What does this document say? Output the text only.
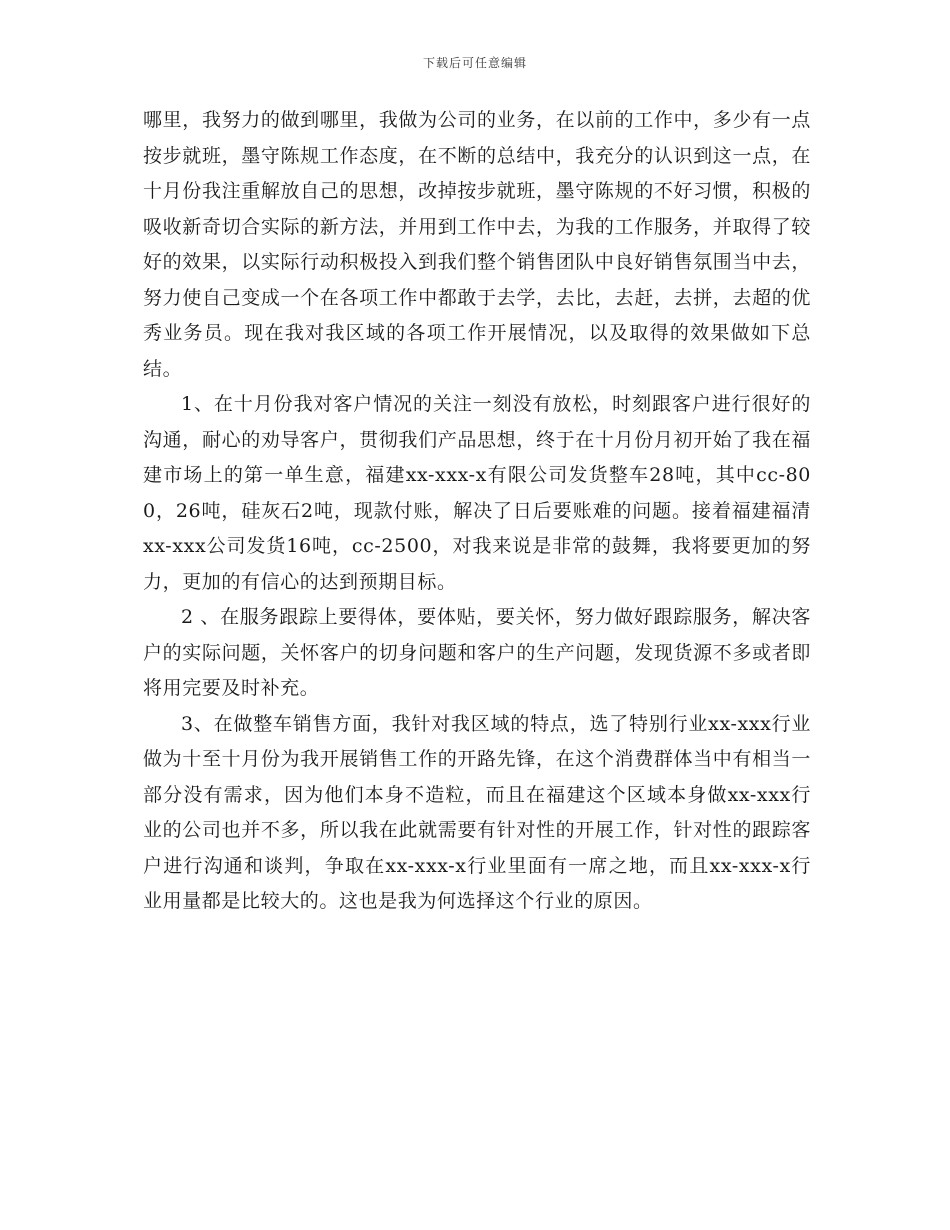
下载后可任意编辑

哪里，我努力的做到哪里，我做为公司的业务，在以前的工作中，多少有一点按步就班，墨守陈规工作态度，在不断的总结中，我充分的认识到这一点，在十月份我注重解放自己的思想，改掉按步就班，墨守陈规的不好习惯，积极的吸收新奇切合实际的新方法，并用到工作中去，为我的工作服务，并取得了较好的效果，以实际行动积极投入到我们整个销售团队中良好销售氛围当中去，努力使自己变成一个在各项工作中都敢于去学，去比，去赶，去拼，去超的优秀业务员。现在我对我区域的各项工作开展情况，以及取得的效果做如下总结。

1、在十月份我对客户情况的关注一刻没有放松，时刻跟客户进行很好的沟通，耐心的劝导客户，贯彻我们产品思想，终于在十月份月初开始了我在福建市场上的第一单生意，福建xx-xxx-x有限公司发货整车28吨，其中cc-800，26吨，硅灰石2吨，现款付账，解决了日后要账难的问题。接着福建福清xx-xxx公司发货16吨，cc-2500，对我来说是非常的鼓舞，我将要更加的努力，更加的有信心的达到预期目标。

2 、在服务跟踪上要得体，要体贴，要关怀，努力做好跟踪服务，解决客户的实际问题，关怀客户的切身问题和客户的生产问题，发现货源不多或者即将用完要及时补充。

3、在做整车销售方面，我针对我区域的特点，选了特别行业xx-xxx行业做为十至十月份为我开展销售工作的开路先锋，在这个消费群体当中有相当一部分没有需求，因为他们本身不造粒，而且在福建这个区域本身做xx-xxx行业的公司也并不多，所以我在此就需要有针对性的开展工作，针对性的跟踪客户进行沟通和谈判，争取在xx-xxx-x行业里面有一席之地，而且xx-xxx-x行业用量都是比较大的。这也是我为何选择这个行业的原因。
